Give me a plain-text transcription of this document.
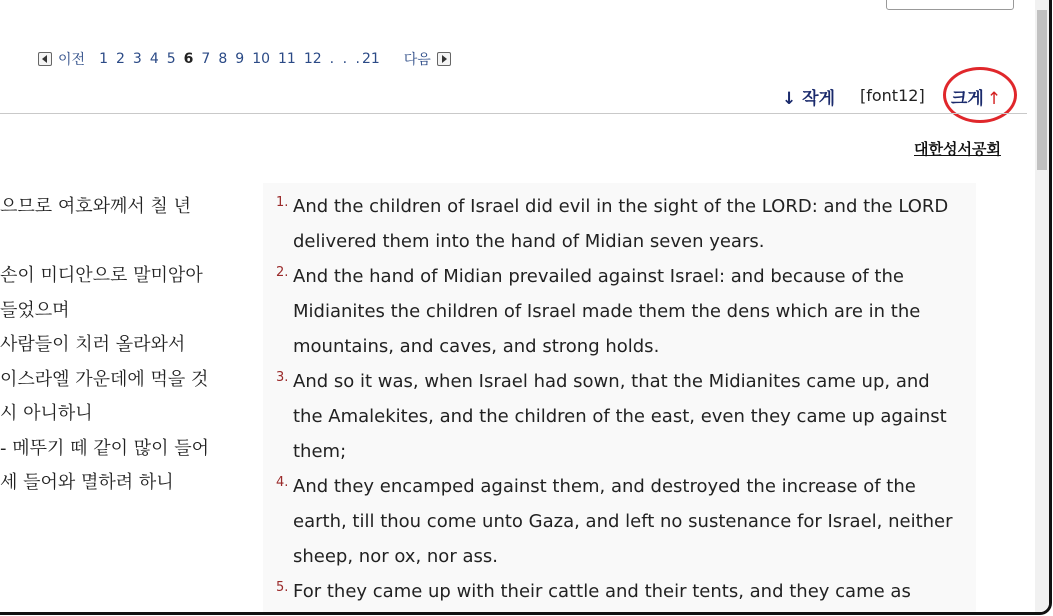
이전 1 2 3 4 5 6 7 8 9 10 11 12 . . . 21 다음
↓ 작게 [font12] 크게 ↑
대한성서공회
으므로 여호와께서 칠 년
손이 미디안으로 말미암아
들었으며
사람들이 치러 올라와서
이스라엘 가운데에 먹을 것
시 아니하니
- 메뚜기 떼 같이 많이 들어
세 들어와 멸하려 하니
1. And the children of Israel did evil in the sight of the LORD: and the LORD
delivered them into the hand of Midian seven years.
2. And the hand of Midian prevailed against Israel: and because of the
Midianites the children of Israel made them the dens which are in the
mountains, and caves, and strong holds.
3. And so it was, when Israel had sown, that the Midianites came up, and
the Amalekites, and the children of the east, even they came up against
them;
4. And they encamped against them, and destroyed the increase of the
earth, till thou come unto Gaza, and left no sustenance for Israel, neither
sheep, nor ox, nor ass.
5. For they came up with their cattle and their tents, and they came as
